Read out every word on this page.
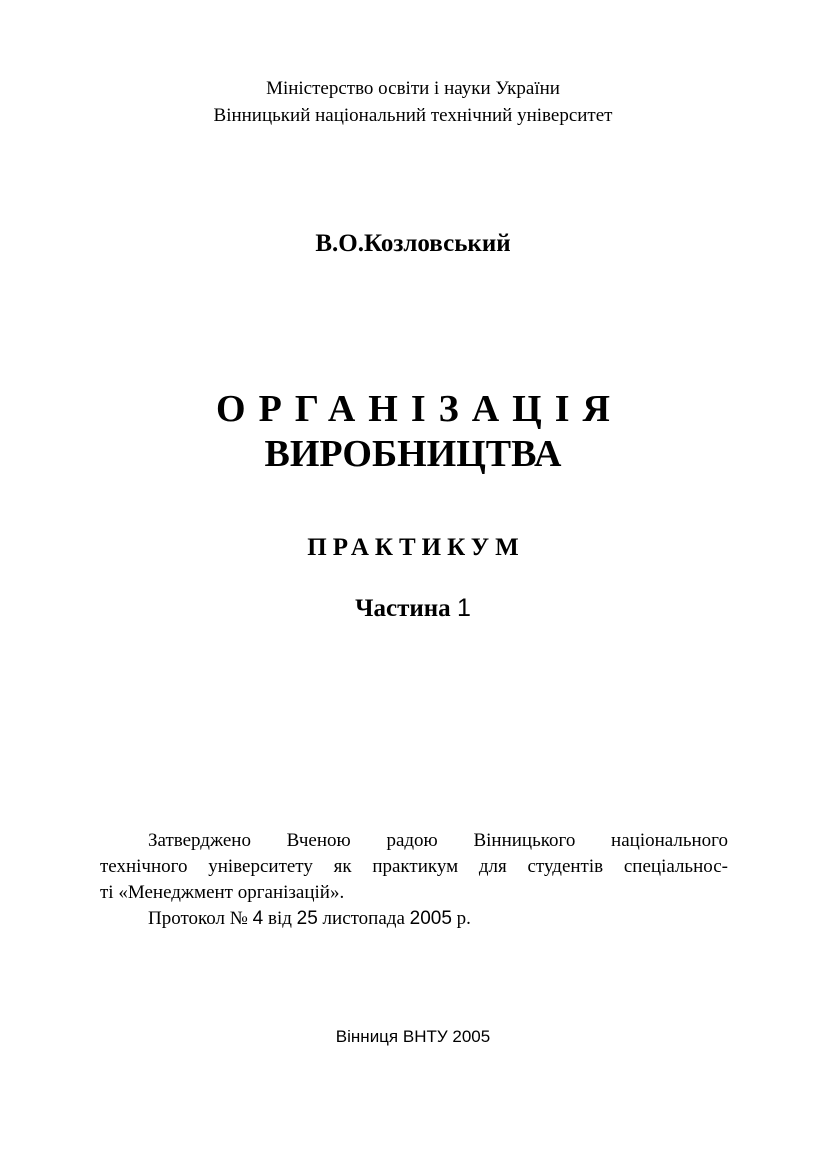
Міністерство освіти і науки України
Вінницький національний технічний університет
В.О.Козловський
ОРГАНІЗАЦІЯ
ВИРОБНИЦТВА
ПРАКТИКУМ
Частина 1
Затверджено Вченою радою Вінницького національного
технічного університету як практикум для студентів спеціальнос-
ті «Менеджмент організацій».
Протокол № 4 від 25 листопада 2005 р.
Вінниця ВНТУ 2005
